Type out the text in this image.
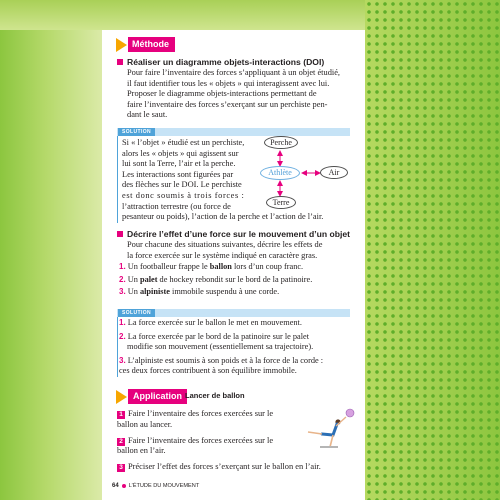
Méthode
Réaliser un diagramme objets-interactions (DOI)
Pour faire l’inventaire des forces s’appliquant à un objet étudié,
il faut identifier tous les « objets » qui interagissent avec lui.
Proposer le diagramme objets-interactions permettant de
faire l’inventaire des forces s’exerçant sur un perchiste pen-
dant le saut.
SOLUTION
Si « l’objet » étudié est un perchiste,
alors les « objets » qui agissent sur
lui sont la Terre, l’air et la perche.
Les interactions sont figurées par
des flèches sur le DOI. Le perchiste
est donc soumis à trois forces :
l’attraction terrestre (ou force de
pesanteur ou poids), l’action de la perche et l’action de l’air.
Perche
Athlète	Air
Terre
Décrire l’effet d’une force sur le mouvement d’un objet
Pour chacune des situations suivantes, décrire les effets de
la force exercée sur le système indiqué en caractère gras.
1. Un footballeur frappe le ballon lors d’un coup franc.
2. Un palet de hockey rebondit sur le bord de la patinoire.
3. Un alpiniste immobile suspendu à une corde.
SOLUTION
1. La force exercée sur le ballon le met en mouvement.
2. La force exercée par le bord de la patinoire sur le palet
modifie son mouvement (essentiellement sa trajectoire).
3. L’alpiniste est soumis à son poids et à la force de la corde :
ces deux forces contribuent à son équilibre immobile.
Application Lancer de ballon
1 Faire l’inventaire des forces exercées sur le
ballon au lancer.
2 Faire l’inventaire des forces exercées sur le
ballon en l’air.
3 Préciser l’effet des forces s’exerçant sur le ballon en l’air.
64 L’ÉTUDE DU MOUVEMENT
